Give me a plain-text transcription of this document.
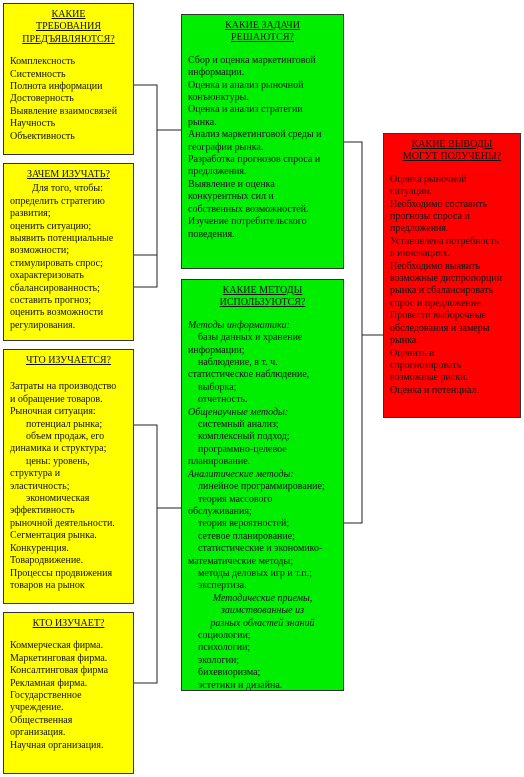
КАКИЕ
ТРЕБОВАНИЯ
ПРЕДЪЯВЛЯЮТСЯ?
Комплексность
Системность
Полнота информации
Достоверность
Выявление взаимосвязей
Научность
Объективность
ЗАЧЕМ ИЗУЧАТЬ?
Для того, чтобы:
определить стратегию
развития;
оценить ситуацию;
выявить потенциальные
возможности;
стимулировать спрос;
охарактеризовать
сбалансированность;
составить прогноз;
оценить возможности
регулирования.
ЧТО ИЗУЧАЕТСЯ?
Затраты на производство
и обращение товаров.
Рыночная ситуация:
потенциал рынка;
объем продаж, его
динамика и структура;
цены: уровень,
структура и
эластичность;
экономическая
эффективность
рыночной деятельности.
Сегментация рынка.
Конкуренция.
Товародвижение.
Процессы продвижения
товаров на рынок
КТО ИЗУЧАЕТ?
Коммерческая фирма.
Маркетинговая фирма.
Консалтинговая фирма
Рекламная фирма.
Государственное
учреждение.
Общественная
организация.
Научная организация.
КАКИЕ ЗАДАЧИ
РЕШАЮТСЯ?
Сбор и оценка маркетинговой
информации.
Оценка и анализ рыночной
конъюнктуры.
Оценка и анализ стратегии
рынка.
Анализ маркетинговой среды и
географии рынка.
Разработка прогнозов спроса и
предложения.
Выявление и оценка
конкурентных сил и
собственных возможностей.
Изучение потребительского
поведения.
КАКИЕ МЕТОДЫ
ИСПОЛЬЗУЮТСЯ?
Методы информатики:
базы данных и хранение
информации;
наблюдение, в т. ч.
статистическое наблюдение,
выборка;
отчетность.
Общенаучные методы:
системный анализ;
комплексный подход;
программно-целевое
планирование.
Аналитические методы:
линейное программирование;
теория массового
обслуживания;
теория вероятностей;
сетевое планирование;
статистические и экономико-
математические методы;
методы деловых игр и т.п.;
экспертиза.
Методические приемы,
заимствованные из
разных областей знаний
социологии;
психологии;
экологии;
бихевиоризма;
эстетики и дизайна.
КАКИЕ ВЫВОДЫ
МОГУТ ПОЛУЧЕНЫ?
Оценка рыночной
ситуации.
Необходимо составить
прогнозы спроса и
предложения.
Установлена потребность
в инновациях.
Необходимо выявить
возможные диспропорции
рынка и сбалансировать
спрос и предложение.
Провести выборочные
обследования и замеры
рынка.
Оценить и
спрогнозировать
возможные риски.
Оценка и потенциал.
